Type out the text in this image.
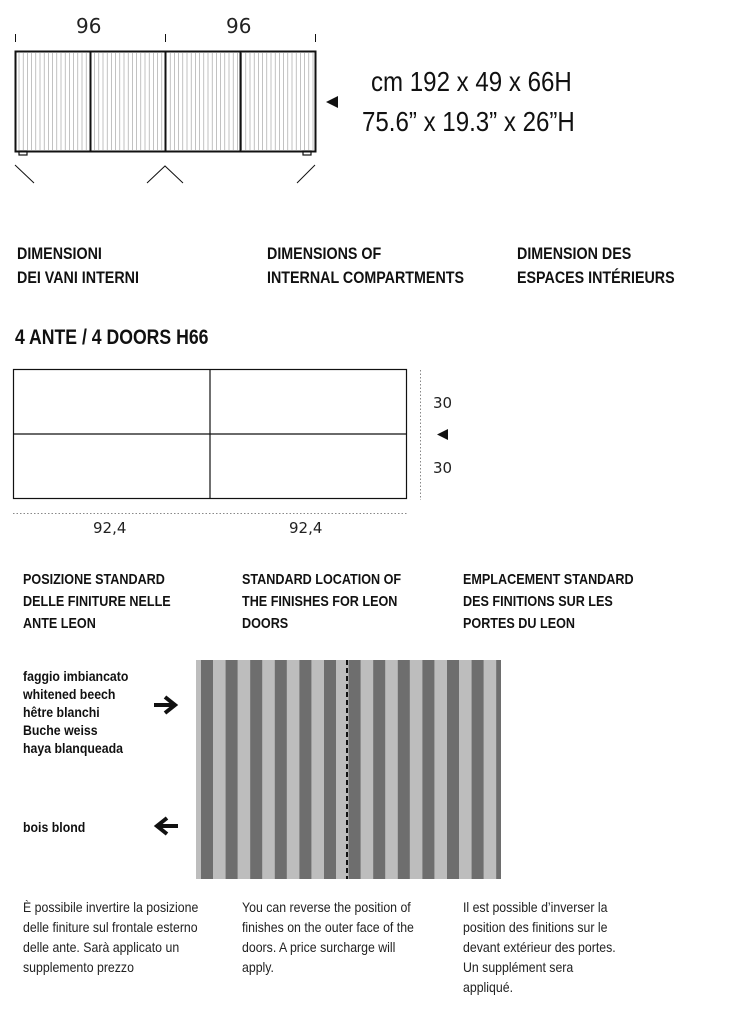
96	96
cm 192 x 49 x 66H
75.6” x 19.3” x 26”H
DIMENSIONI
DEI VANI INTERNI
DIMENSIONS OF
INTERNAL COMPARTMENTS
DIMENSION DES
ESPACES INTÉRIEURS
4 ANTE / 4 DOORS H66
30
30
92,4	92,4
POSIZIONE STANDARD
DELLE FINITURE NELLE
ANTE LEON
STANDARD LOCATION OF
THE FINISHES FOR LEON
DOORS
EMPLACEMENT STANDARD
DES FINITIONS SUR LES
PORTES DU LEON
faggio imbiancato
whitened beech
hêtre blanchi
Buche weiss
haya blanqueada
bois blond
È possibile invertire la posizione
delle finiture sul frontale esterno
delle ante. Sarà applicato un
supplemento prezzo
You can reverse the position of
finishes on the outer face of the
doors. A price surcharge will
apply.
Il est possible d’inverser la
position des finitions sur le
devant extérieur des portes.
Un supplément sera
appliqué.
